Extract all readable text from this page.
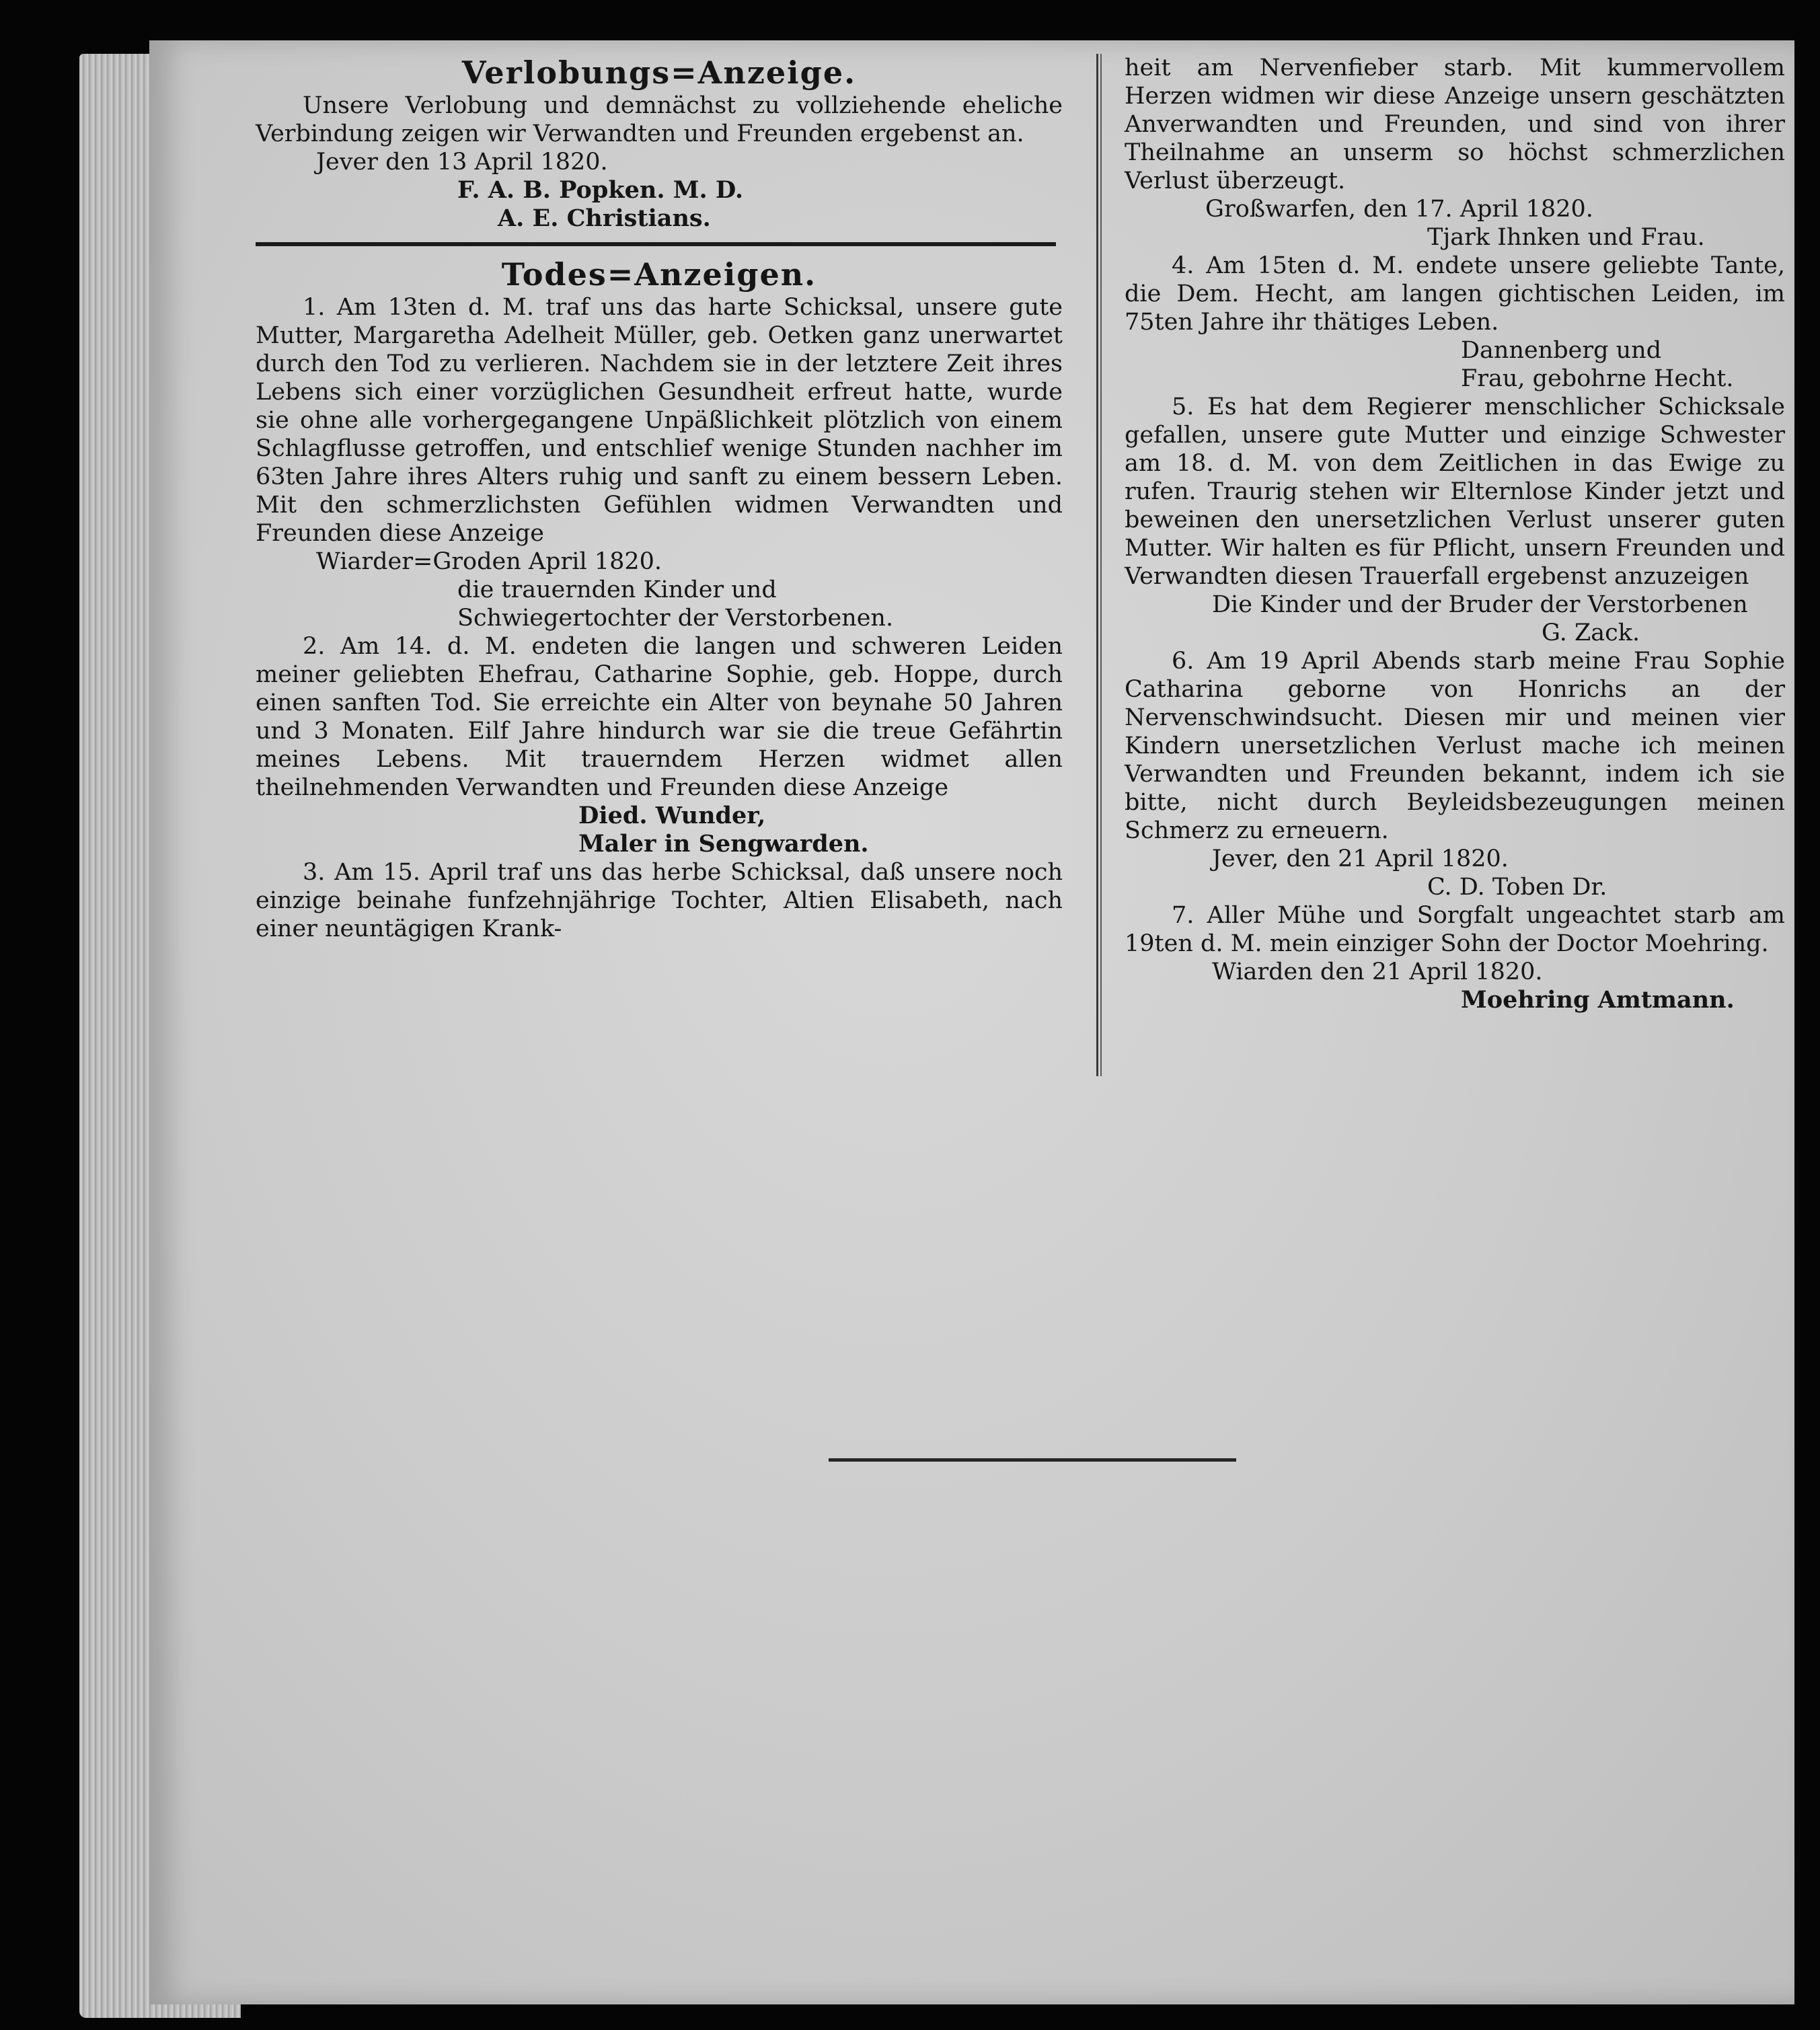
Verlobungs=Anzeige.

Unsere Verlobung und demnächst zu vollziehende eheliche Verbindung zeigen wir Verwandten und Freunden ergebenst an.

Jever den 13 April 1820.

F. A. B. Popken. M. D.

A. E. Christians.

Todes=Anzeigen.

1. Am 13ten d. M. traf uns das harte Schicksal, unsere gute Mutter, Margaretha Adelheit Müller, geb. Oetken ganz unerwartet durch den Tod zu verlieren. Nachdem sie in der letztere Zeit ihres Lebens sich einer vorzüglichen Gesundheit erfreut hatte, wurde sie ohne alle vorhergegangene Unpäßlichkeit plötzlich von einem Schlagflusse getroffen, und entschlief wenige Stunden nachher im 63ten Jahre ihres Alters ruhig und sanft zu einem bessern Leben. Mit den schmerzlichsten Gefühlen widmen Verwandten und Freunden diese Anzeige

Wiarder=Groden April 1820.

die trauernden Kinder und

Schwiegertochter der Verstorbenen.

2. Am 14. d. M. endeten die langen und schweren Leiden meiner geliebten Ehefrau, Catharine Sophie, geb. Hoppe, durch einen sanften Tod. Sie erreichte ein Alter von beynahe 50 Jahren und 3 Monaten. Eilf Jahre hindurch war sie die treue Gefährtin meines Lebens. Mit trauerndem Herzen widmet allen theilnehmenden Verwandten und Freunden diese Anzeige

Died. Wunder,

Maler in Sengwarden.

3. Am 15. April traf uns das herbe Schicksal, daß unsere noch einzige beinahe funfzehnjährige Tochter, Altien Elisabeth, nach einer neuntägigen Krank-

heit am Nervenfieber starb. Mit kummervollem Herzen widmen wir diese Anzeige unsern geschätzten Anverwandten und Freunden, und sind von ihrer Theilnahme an unserm so höchst schmerzlichen Verlust überzeugt.

Großwarfen, den 17. April 1820.

Tjark Ihnken und Frau.

4. Am 15ten d. M. endete unsere geliebte Tante, die Dem. Hecht, am langen gichtischen Leiden, im 75ten Jahre ihr thätiges Leben.

Dannenberg und

Frau, gebohrne Hecht.

5. Es hat dem Regierer menschlicher Schicksale gefallen, unsere gute Mutter und einzige Schwester am 18. d. M. von dem Zeitlichen in das Ewige zu rufen. Traurig stehen wir Elternlose Kinder jetzt und beweinen den unersetzlichen Verlust unserer guten Mutter. Wir halten es für Pflicht, unsern Freunden und Verwandten diesen Trauerfall ergebenst anzuzeigen

Die Kinder und der Bruder der Verstorbenen

G. Zack.

6. Am 19 April Abends starb meine Frau Sophie Catharina geborne von Honrichs an der Nervenschwindsucht. Diesen mir und meinen vier Kindern unersetzlichen Verlust mache ich meinen Verwandten und Freunden bekannt, indem ich sie bitte, nicht durch Beyleidsbezeugungen meinen Schmerz zu erneuern.

Jever, den 21 April 1820.

C. D. Toben Dr.

7. Aller Mühe und Sorgfalt ungeachtet starb am 19ten d. M. mein einziger Sohn der Doctor Moehring.

Wiarden den 21 April 1820.

Moehring Amtmann.
